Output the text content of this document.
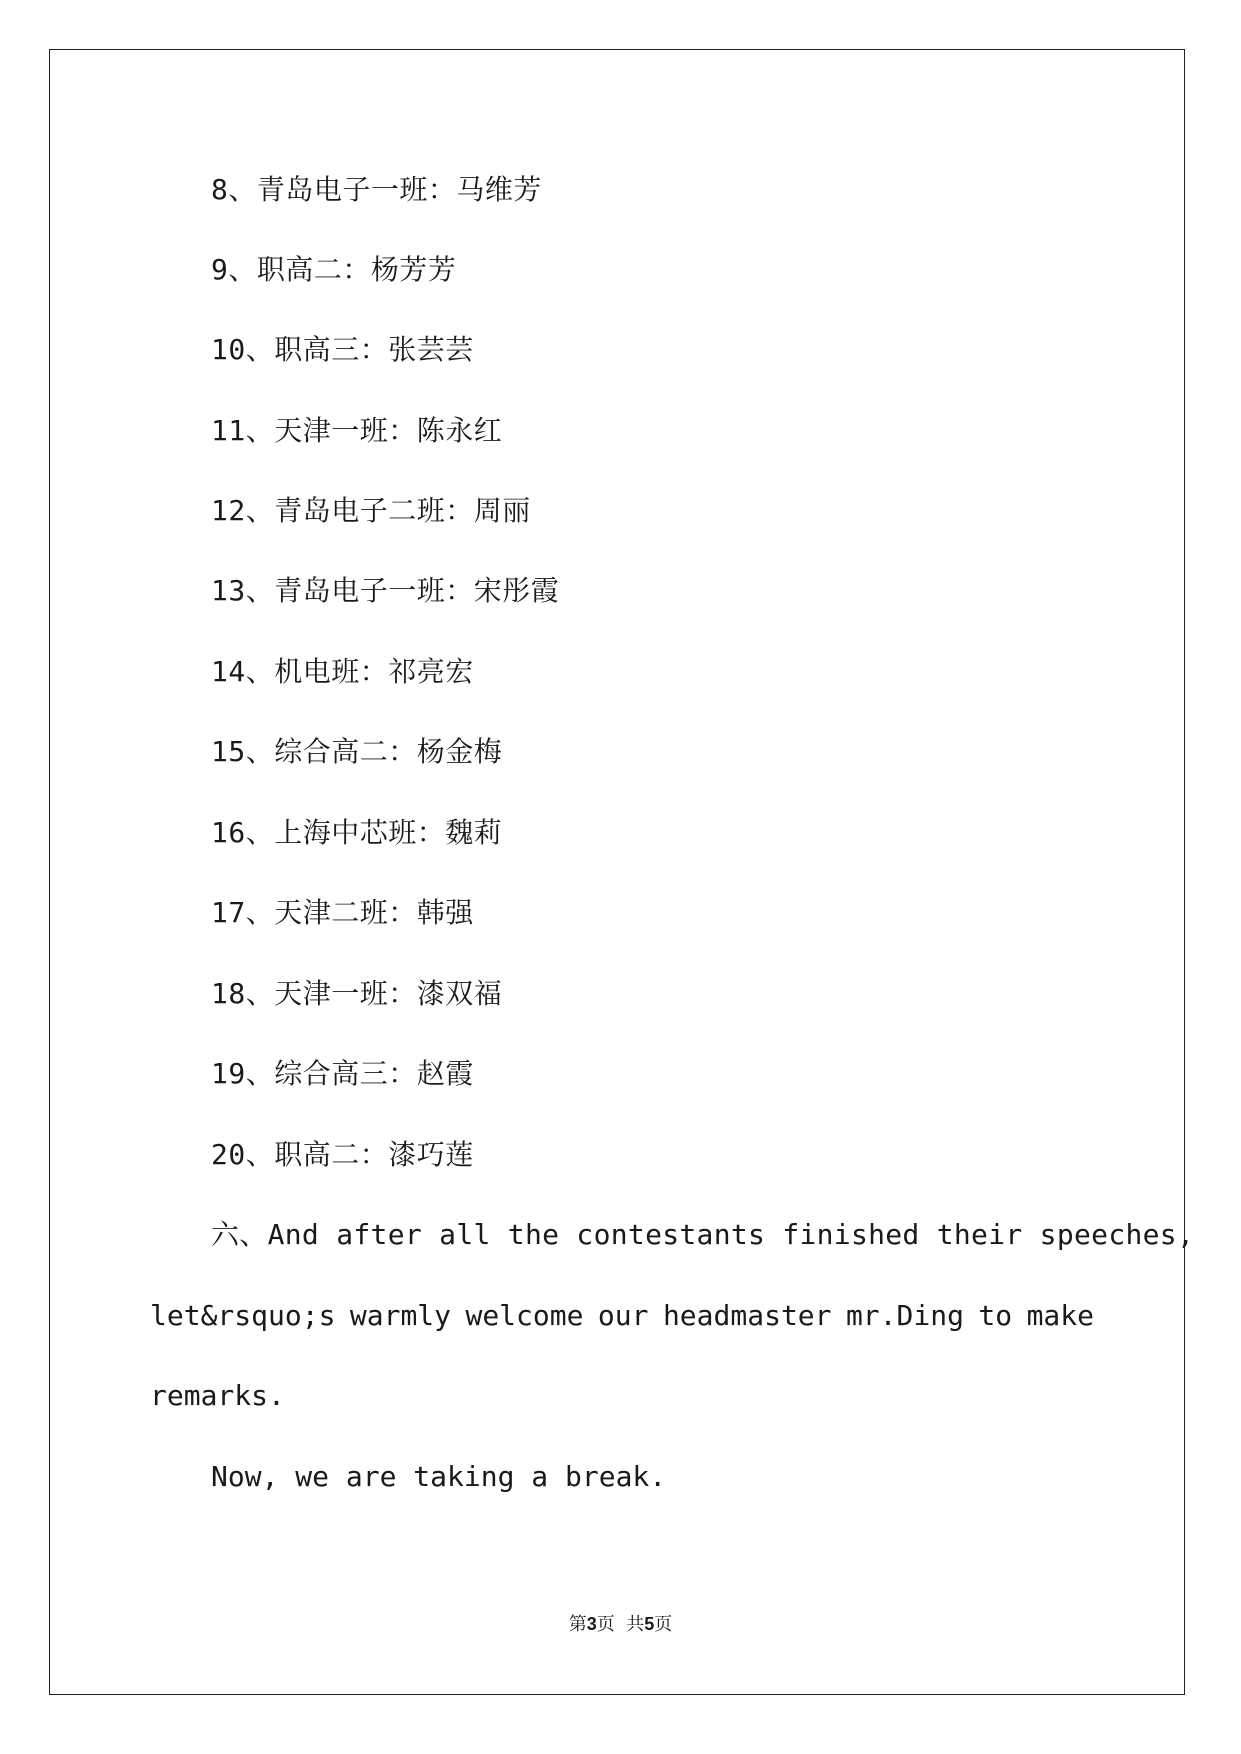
8、青岛电子一班：马维芳
9、职高二：杨芳芳
10、职高三：张芸芸
11、天津一班：陈永红
12、青岛电子二班：周丽
13、青岛电子一班：宋彤霞
14、机电班：祁亮宏
15、综合高二：杨金梅
16、上海中芯班：魏莉
17、天津二班：韩强
18、天津一班：漆双福
19、综合高三：赵霞
20、职高二：漆巧莲
六、And after all the contestants finished their speeches,
let&rsquo;s warmly welcome our headmaster mr.Ding to make
remarks.
Now, we are taking a break.
第3页  共5页
